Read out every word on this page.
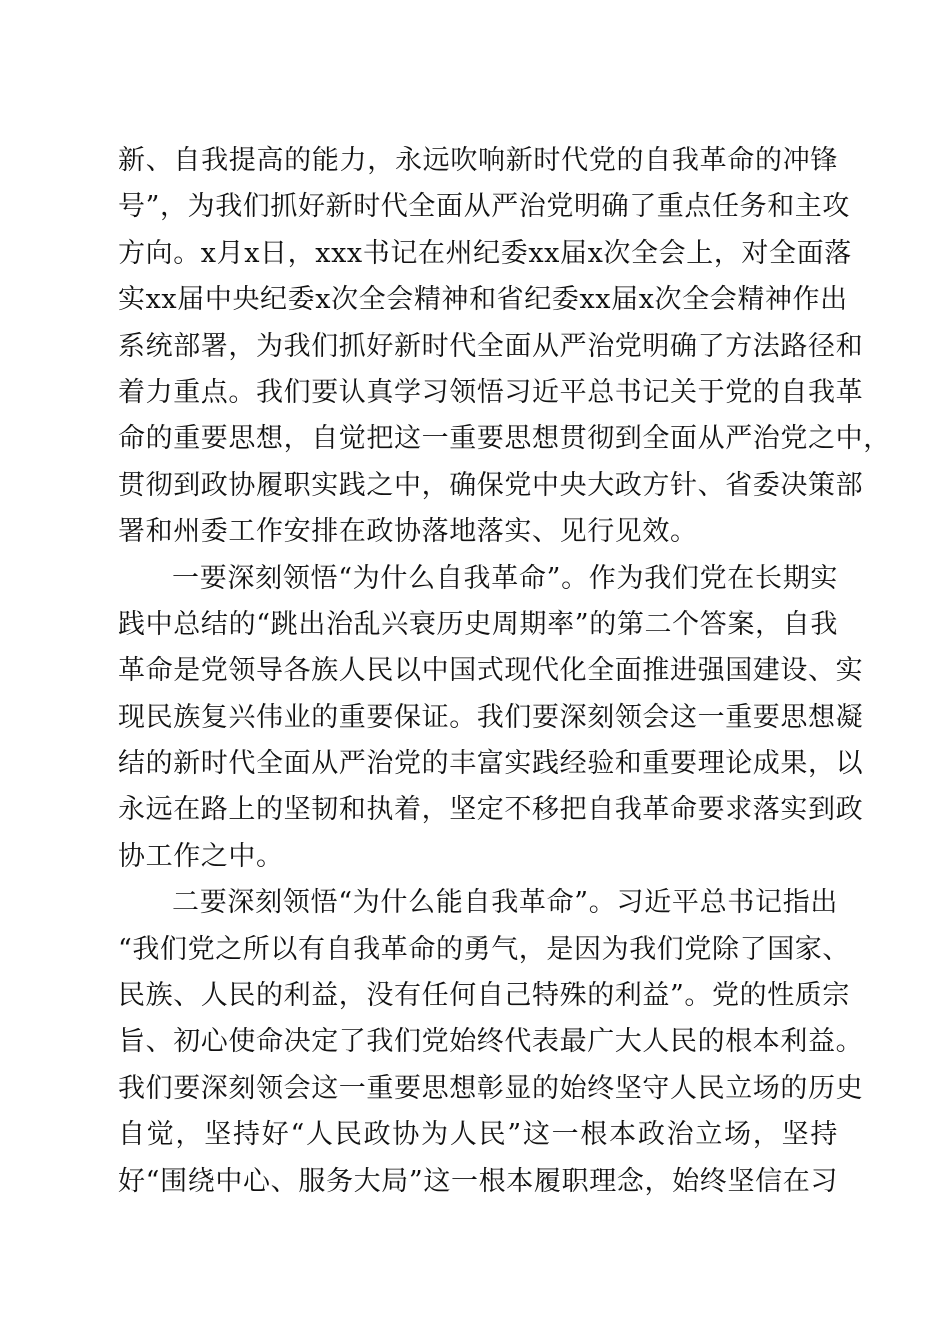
新、自我提高的能力，永远吹响新时代党的自我革命的冲锋
号”，为我们抓好新时代全面从严治党明确了重点任务和主攻
方向。x月x日，xxx书记在州纪委xx届x次全会上，对全面落
实xx届中央纪委x次全会精神和省纪委xx届x次全会精神作出
系统部署，为我们抓好新时代全面从严治党明确了方法路径和
着力重点。我们要认真学习领悟习近平总书记关于党的自我革
命的重要思想，自觉把这一重要思想贯彻到全面从严治党之中，
贯彻到政协履职实践之中，确保党中央大政方针、省委决策部
署和州委工作安排在政协落地落实、见行见效。
一要深刻领悟“为什么自我革命”。作为我们党在长期实
践中总结的“跳出治乱兴衰历史周期率”的第二个答案，自我
革命是党领导各族人民以中国式现代化全面推进强国建设、实
现民族复兴伟业的重要保证。我们要深刻领会这一重要思想凝
结的新时代全面从严治党的丰富实践经验和重要理论成果，以
永远在路上的坚韧和执着，坚定不移把自我革命要求落实到政
协工作之中。
二要深刻领悟“为什么能自我革命”。习近平总书记指出
“我们党之所以有自我革命的勇气，是因为我们党除了国家、
民族、人民的利益，没有任何自己特殊的利益”。党的性质宗
旨、初心使命决定了我们党始终代表最广大人民的根本利益。
我们要深刻领会这一重要思想彰显的始终坚守人民立场的历史
自觉，坚持好“人民政协为人民”这一根本政治立场，坚持
好“围绕中心、服务大局”这一根本履职理念，始终坚信在习
